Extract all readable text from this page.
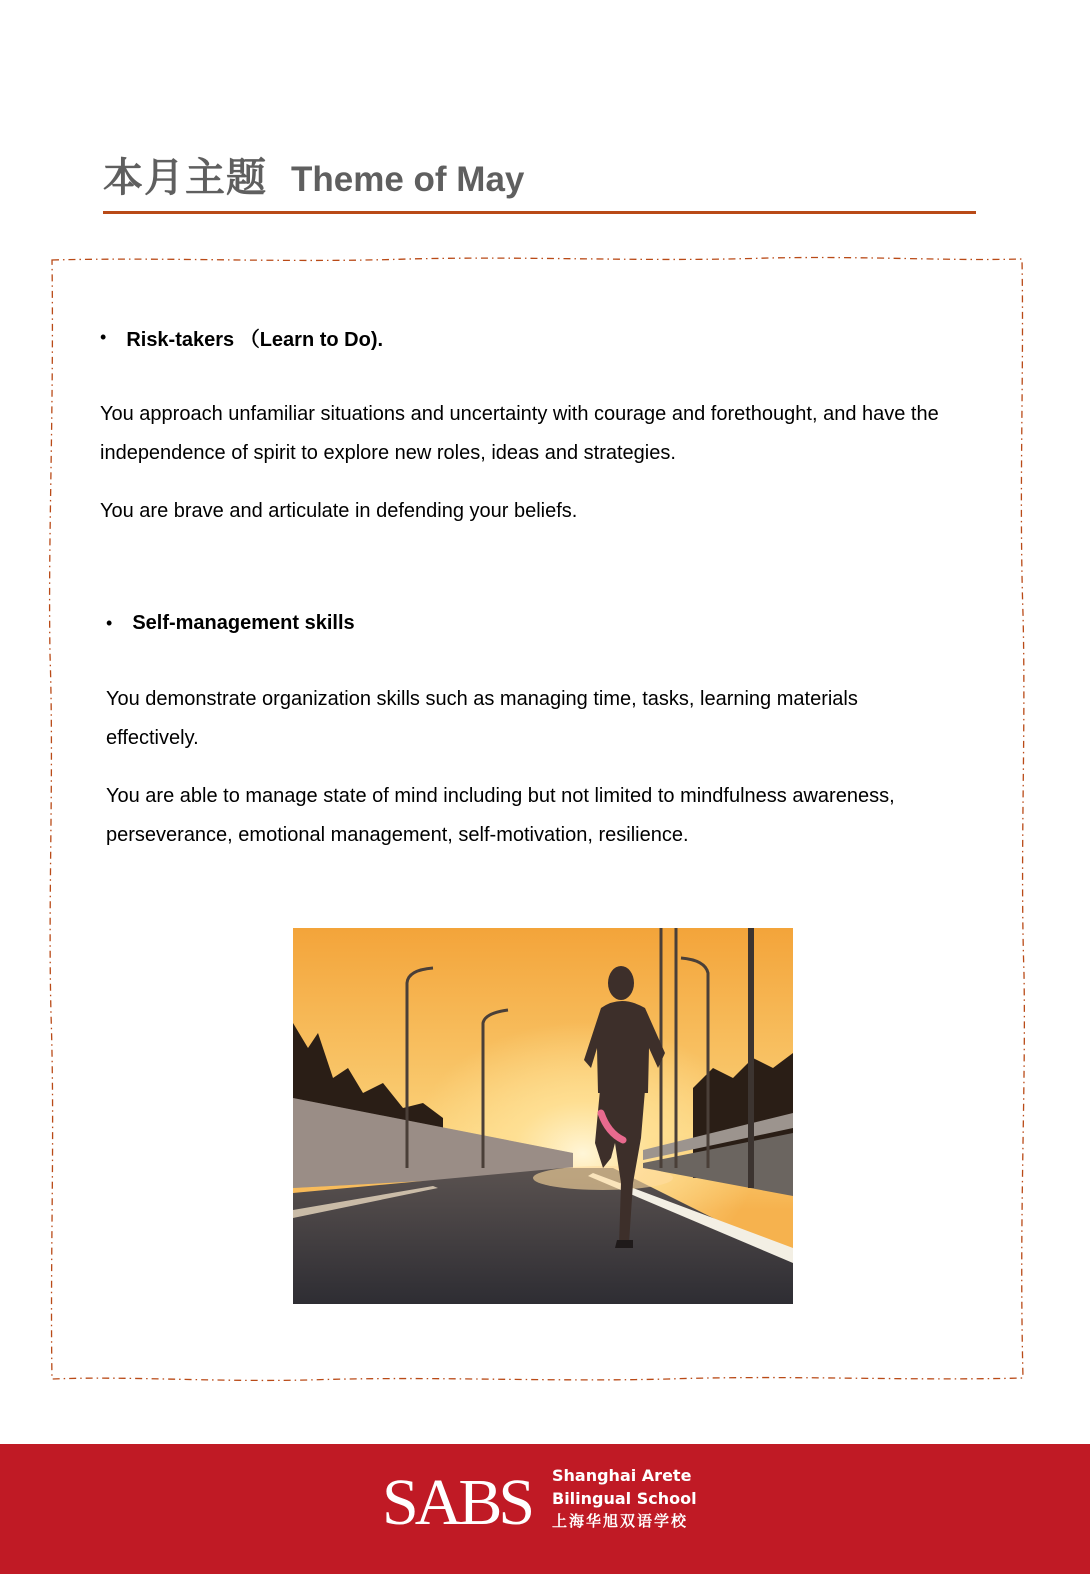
本月主题 Theme of May
• Risk-takers （Learn to Do).
You approach unfamiliar situations and uncertainty with courage and forethought, and have the independence of spirit to explore new roles, ideas and strategies.
You are brave and articulate in defending your beliefs.
• Self-management skills
You demonstrate organization skills such as managing time, tasks, learning materials effectively.
You are able to manage state of mind including but not limited to mindfulness awareness, perseverance, emotional management, self-motivation, resilience.
SABS Shanghai Arete
Bilingual School
上海华旭双语学校
